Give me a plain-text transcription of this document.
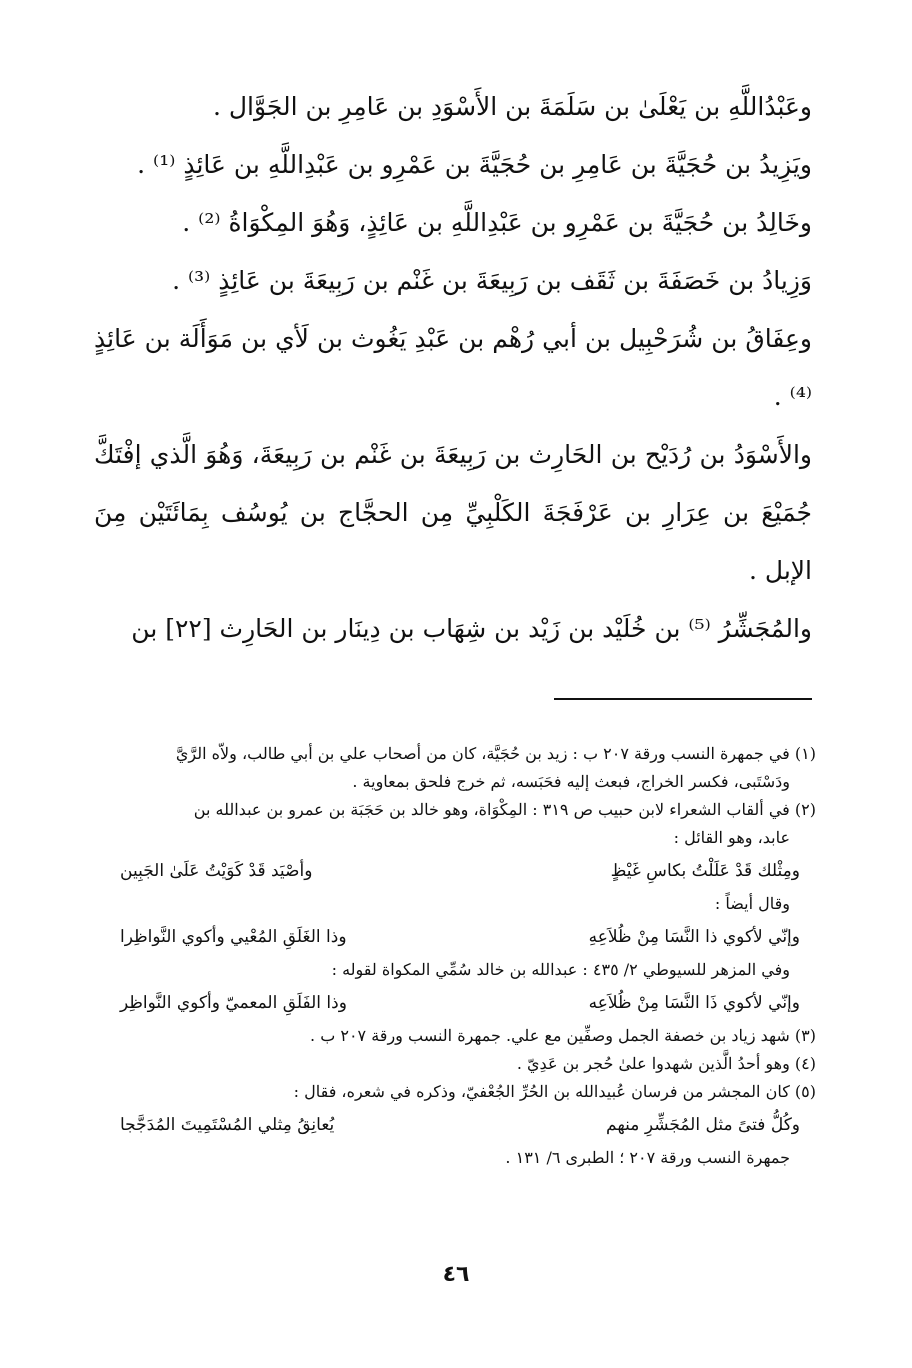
وعَبْدُاللَّهِ بن يَعْلَىٰ بن سَلَمَةَ بن الأَسْوَدِ بن عَامِرِ بن الجَوَّال .

ويَزِيدُ بن حُجَيَّةَ بن عَامِرِ بن حُجَيَّةَ بن عَمْرِو بن عَبْدِاللَّهِ بن عَائِذٍ ⁽¹⁾ .

وخَالِدُ بن حُجَيَّةَ بن عَمْرِو بن عَبْدِاللَّهِ بن عَائِذٍ، وَهُوَ المِكْوَاةُ ⁽²⁾ .

وَزِيادُ بن خَصَفَةَ بن ثَقَف بن رَبِيعَةَ بن غَنْم بن رَبِيعَةَ بن عَائِذٍ ⁽³⁾ .

وعِفَاقُ بن شُرَحْبِيل بن أبي رُهْم بن عَبْدِ يَغُوث بن لَأي بن مَوَأَلَة بن عَائِذٍ ⁽⁴⁾ .

والأَسْوَدُ بن رُدَيْح بن الحَارِث بن رَبِيعَةَ بن غَنْم بن رَبِيعَةَ، وَهُوَ الَّذي إفْتَكَّ جُمَيْعَ بن عِرَارِ بن عَرْفَجَةَ الكَلْبِيِّ مِن الحجَّاج بن يُوسُف بِمَائَتَيْن مِنَ الإبل .

والمُجَشِّرُ ⁽⁵⁾ بن خُلَيْد بن زَيْد بن شِهَاب بن دِينَار بن الحَارِث [٢٢] بن

(١) في جمهرة النسب ورقة ٢٠٧ ب : زيد بن حُجَيَّة، كان من أصحاب علي بن أبي طالب، ولاّه الرَّيَّ

ودَسْتَبى، فكسر الخراج، فبعث إليه فحَبَسه، ثم خرج فلحق بمعاوية .

(٢) في ألقاب الشعراء لابن حبيب ص ٣١٩ : المِكْوَاة، وهو خالد بن حَجَبَة بن عمرو بن عبدالله بن

عابد، وهو القائل :

ومِثْلك قَدْ عَلَلْتُ بكاسِ غَيْظٍ
وأصْيَد قَدْ كَوَيْتُ عَلَىٰ الجَبِين

وقال أيضاً :

وإنّي لأكوي ذا النَّسَا مِنْ ظُلاَعِهِ
وذا الغَلَقِ المُعْيي وأكوي النَّواظِرا

وفي المزهر للسيوطي ٢/ ٤٣٥ : عبدالله بن خالد سُمِّي المكواة لقوله :

وإنّي لأكوي ذَا النَّسَا مِنْ ظُلاَعِه
وذا الفَلَقِ المعميّ وأكوي النَّواظِر

(٣) شهد زياد بن خصفة الجمل وصفِّين مع علي. جمهرة النسب ورقة ٢٠٧ ب .

(٤) وهو أحدُ الَّذين شهدوا علىٰ حُجر بن عَدِيّ .

(٥) كان المجشر من فرسان عُبيدالله بن الحُرِّ الجُعْفيّ، وذكره في شعره، فقال :

وكُلُّ فتىً مثل المُجَشِّرِ منهم
يُعانِقُ مِثلي المُسْتَمِيتَ المُدَجَّجا

جمهرة النسب ورقة ٢٠٧ ؛ الطبرى ٦/ ١٣١ .

٤٦
